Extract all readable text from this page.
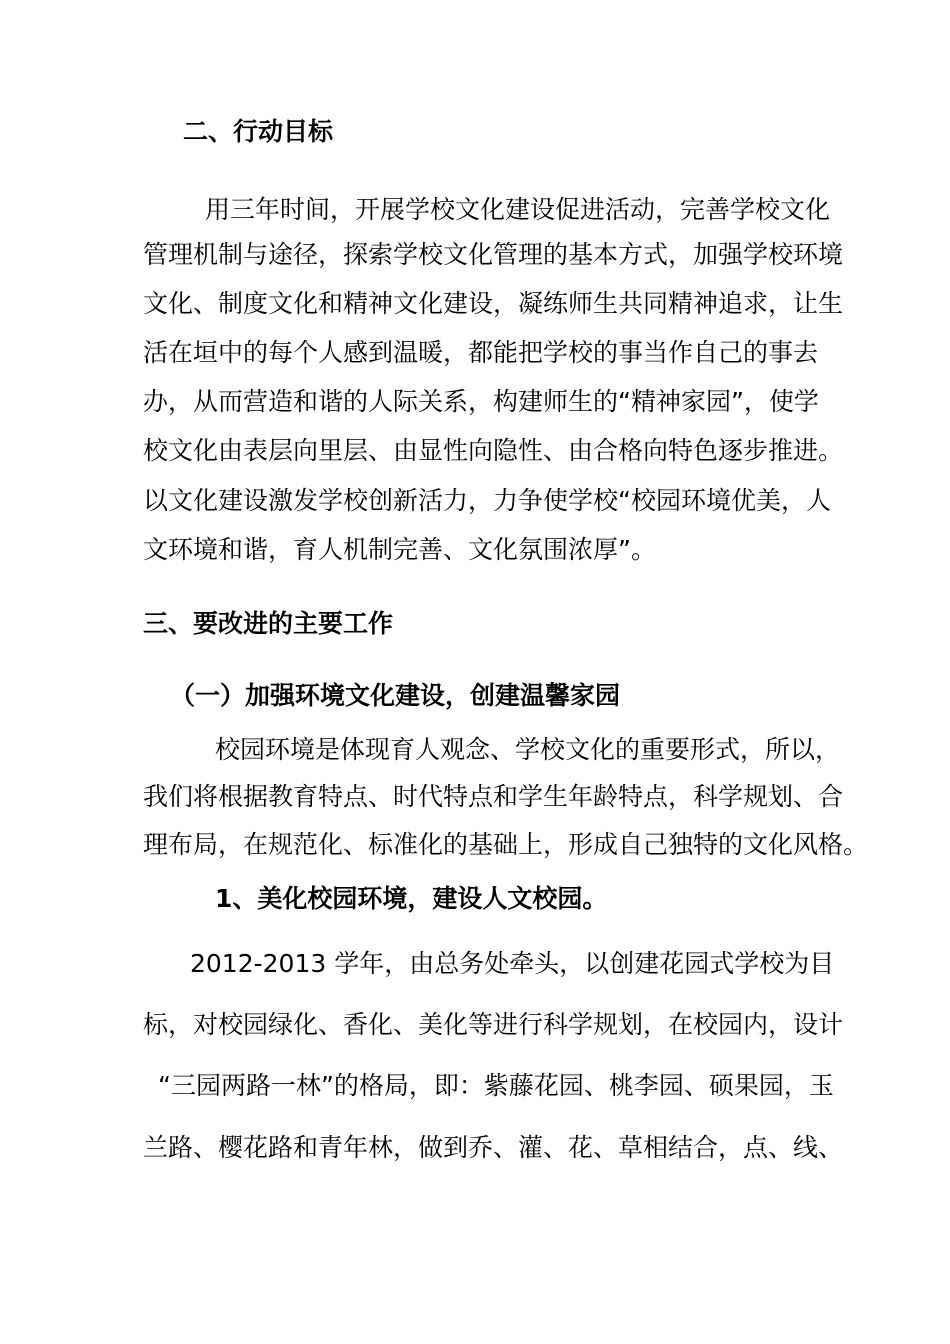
二、行动目标

用三年时间，开展学校文化建设促进活动，完善学校文化

管理机制与途径，探索学校文化管理的基本方式，加强学校环境

文化、制度文化和精神文化建设，凝练师生共同精神追求，让生

活在垣中的每个人感到温暖，都能把学校的事当作自己的事去

办，从而营造和谐的人际关系，构建师生的“精神家园”，使学

校文化由表层向里层、由显性向隐性、由合格向特色逐步推进。

以文化建设激发学校创新活力，力争使学校“校园环境优美，人

文环境和谐，育人机制完善、文化氛围浓厚”。

三、要改进的主要工作

（一）加强环境文化建设，创建温馨家园

校园环境是体现育人观念、学校文化的重要形式，所以，

我们将根据教育特点、时代特点和学生年龄特点，科学规划、合

理布局，在规范化、标准化的基础上，形成自己独特的文化风格。

1、美化校园环境，建设人文校园。

2012-2013 学年，由总务处牵头，以创建花园式学校为目

标，对校园绿化、香化、美化等进行科学规划，在校园内，设计

“三园两路一林”的格局，即：紫藤花园、桃李园、硕果园，玉

兰路、樱花路和青年林，做到乔、灌、花、草相结合，点、线、
